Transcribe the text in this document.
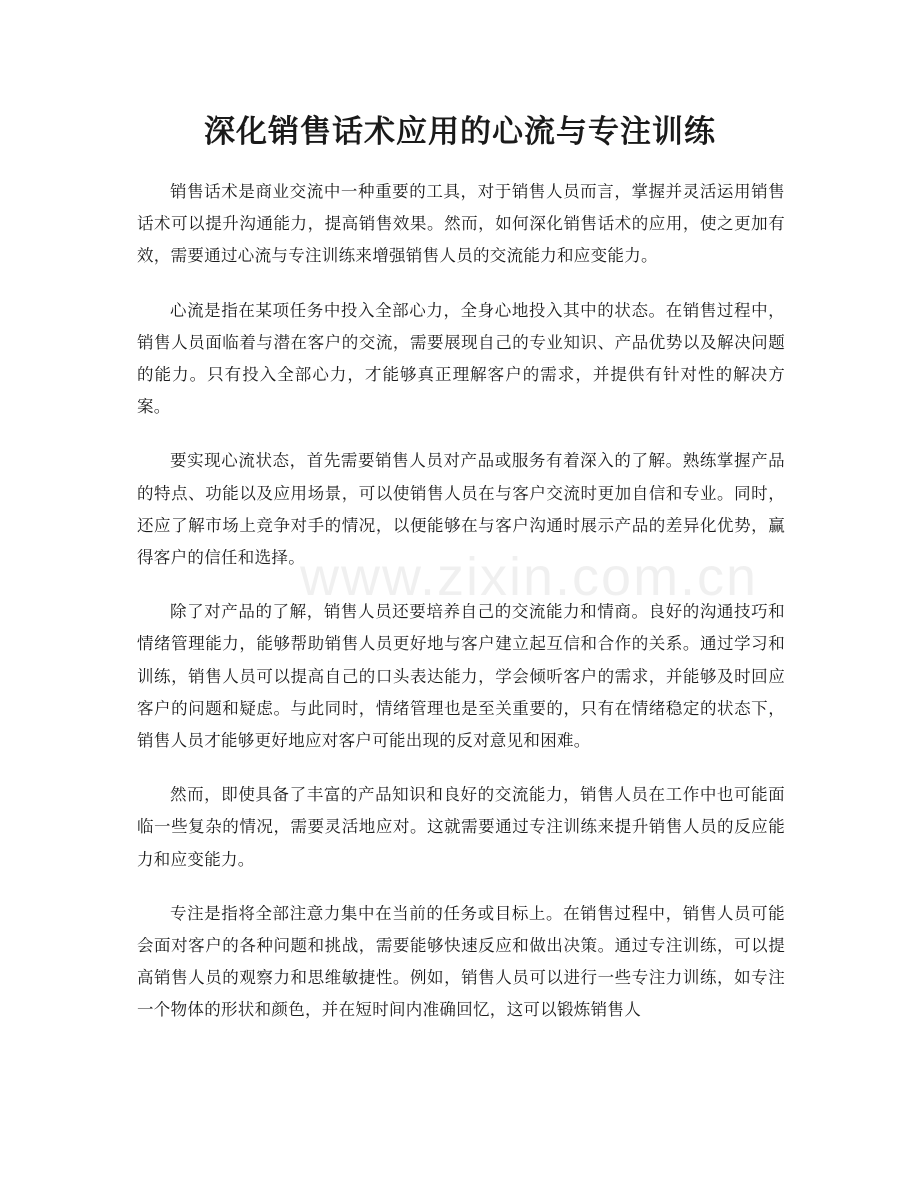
深化销售话术应用的心流与专注训练

销售话术是商业交流中一种重要的工具，对于销售人员而言，掌握并灵活运用销售话术可以提升沟通能力，提高销售效果。然而，如何深化销售话术的应用，使之更加有效，需要通过心流与专注训练来增强销售人员的交流能力和应变能力。

心流是指在某项任务中投入全部心力，全身心地投入其中的状态。在销售过程中，销售人员面临着与潜在客户的交流，需要展现自己的专业知识、产品优势以及解决问题的能力。只有投入全部心力，才能够真正理解客户的需求，并提供有针对性的解决方案。

要实现心流状态，首先需要销售人员对产品或服务有着深入的了解。熟练掌握产品的特点、功能以及应用场景，可以使销售人员在与客户交流时更加自信和专业。同时，还应了解市场上竞争对手的情况，以便能够在与客户沟通时展示产品的差异化优势，赢得客户的信任和选择。

除了对产品的了解，销售人员还要培养自己的交流能力和情商。良好的沟通技巧和情绪管理能力，能够帮助销售人员更好地与客户建立起互信和合作的关系。通过学习和训练，销售人员可以提高自己的口头表达能力，学会倾听客户的需求，并能够及时回应客户的问题和疑虑。与此同时，情绪管理也是至关重要的，只有在情绪稳定的状态下，销售人员才能够更好地应对客户可能出现的反对意见和困难。

然而，即使具备了丰富的产品知识和良好的交流能力，销售人员在工作中也可能面临一些复杂的情况，需要灵活地应对。这就需要通过专注训练来提升销售人员的反应能力和应变能力。

专注是指将全部注意力集中在当前的任务或目标上。在销售过程中，销售人员可能会面对客户的各种问题和挑战，需要能够快速反应和做出决策。通过专注训练，可以提高销售人员的观察力和思维敏捷性。例如，销售人员可以进行一些专注力训练，如专注一个物体的形状和颜色，并在短时间内准确回忆，这可以锻炼销售人

www.zixin.com.cn
